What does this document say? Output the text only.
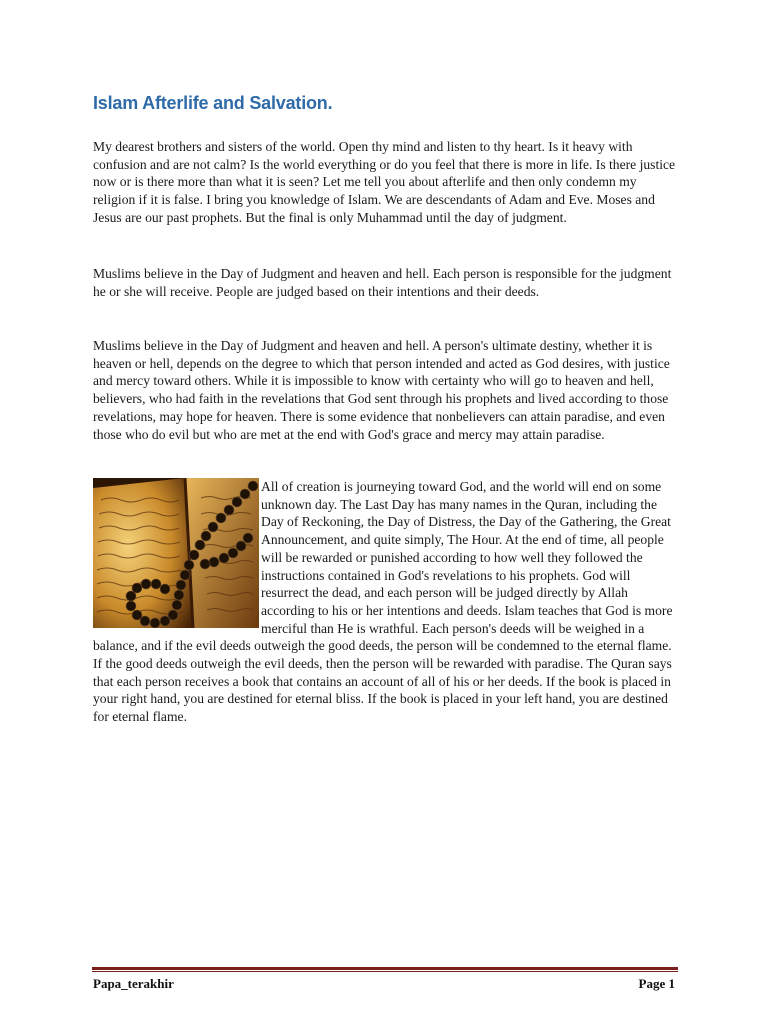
Islam Afterlife and Salvation.

My dearest brothers and sisters of the world. Open thy mind and listen to thy heart. Is it heavy with confusion and are not calm? Is the world everything or do you feel that there is more in life. Is there justice now or is there more than what it is seen? Let me tell you about afterlife and then only condemn my religion if it is false. I bring you knowledge of Islam. We are descendants of Adam and Eve. Moses and Jesus are our past prophets. But the final is only Muhammad until the day of judgment.

Muslims believe in the Day of Judgment and heaven and hell. Each person is responsible for the judgment he or she will receive. People are judged based on their intentions and their deeds.

Muslims believe in the Day of Judgment and heaven and hell. A person's ultimate destiny, whether it is heaven or hell, depends on the degree to which that person intended and acted as God desires, with justice and mercy toward others. While it is impossible to know with certainty who will go to heaven and hell, believers, who had faith in the revelations that God sent through his prophets and lived according to those revelations, may hope for heaven. There is some evidence that nonbelievers can attain paradise, and even those who do evil but who are met at the end with God's grace and mercy may attain paradise.

All of creation is journeying toward God, and the world will end on some unknown day. The Last Day has many names in the Quran, including the Day of Reckoning, the Day of Distress, the Day of the Gathering, the Great Announcement, and quite simply, The Hour. At the end of time, all people will be rewarded or punished according to how well they followed the instructions contained in God's revelations to his prophets. God will resurrect the dead, and each person will be judged directly by Allah according to his or her intentions and deeds. Islam teaches that God is more merciful than He is wrathful. Each person's deeds will be weighed in a balance, and if the evil deeds outweigh the good deeds, the person will be condemned to the eternal flame. If the good deeds outweigh the evil deeds, then the person will be rewarded with paradise. The Quran says that each person receives a book that contains an account of all of his or her deeds. If the book is placed in your right hand, you are destined for eternal bliss. If the book is placed in your left hand, you are destined for eternal flame.
Papa_terakhir	Page 1
